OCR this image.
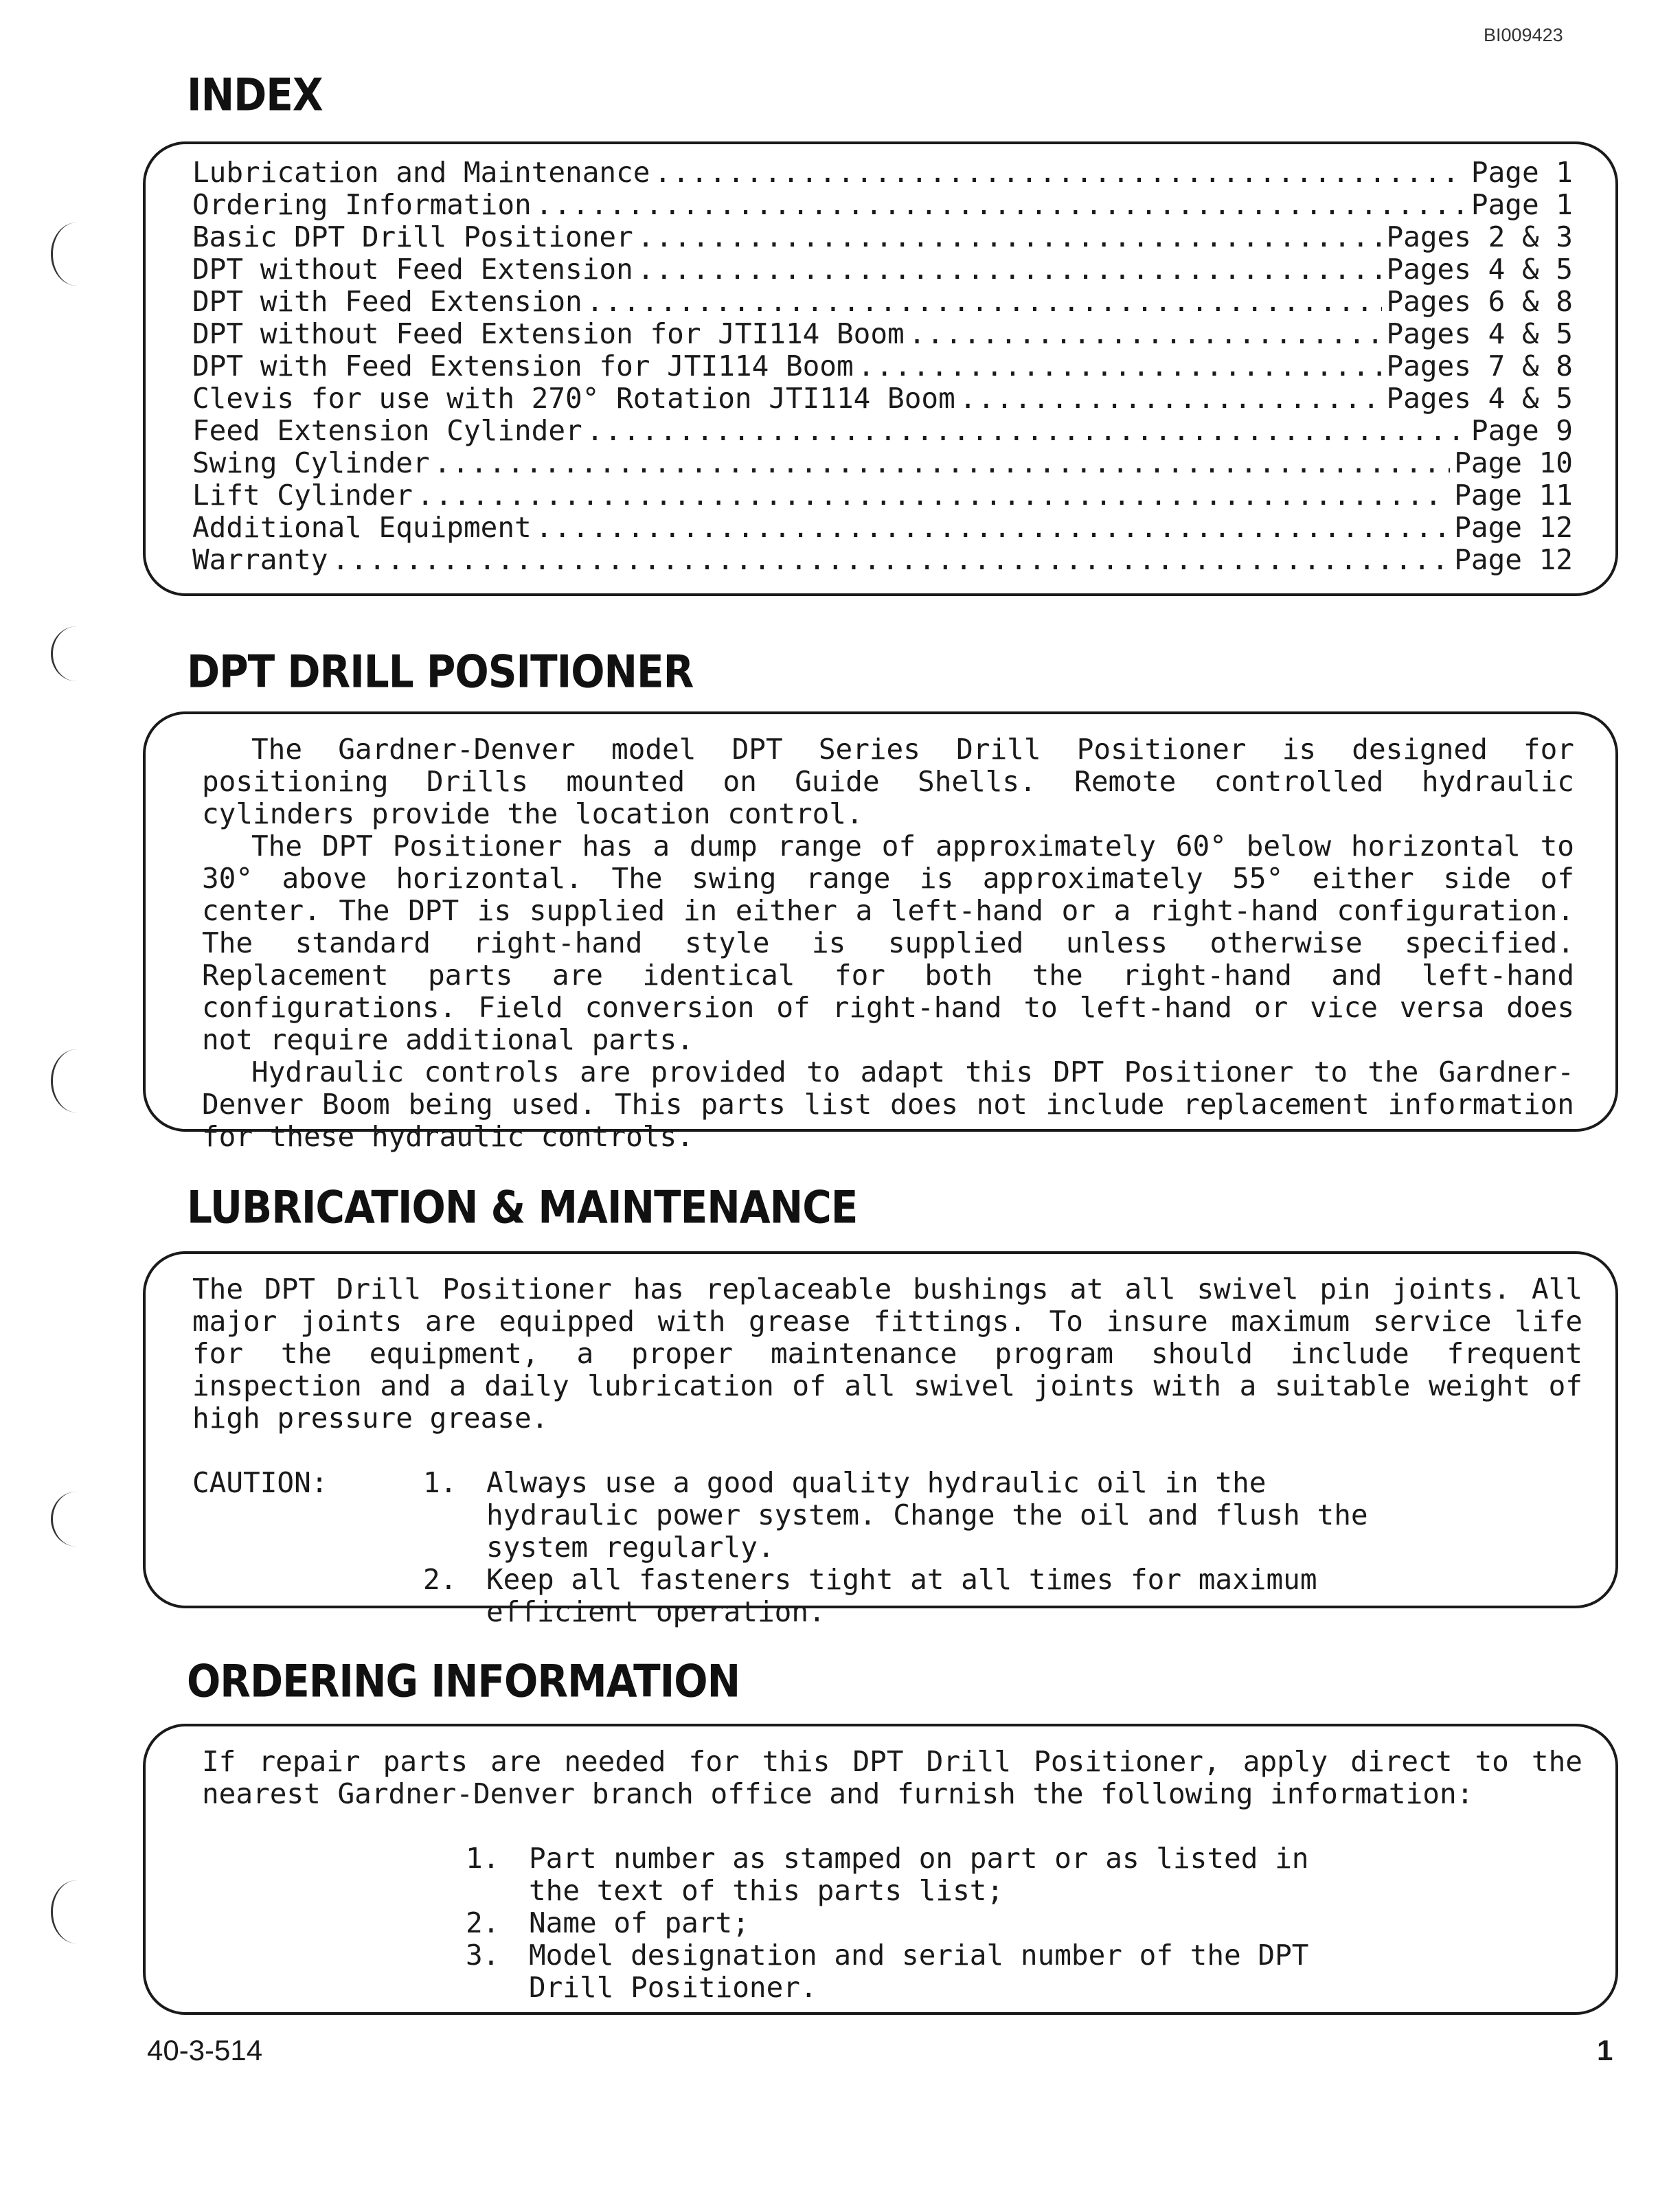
BI009423
INDEX
Lubrication and Maintenance .....	Page 1
Ordering Information .....	Page 1
Basic DPT Drill Positioner .....	Pages 2 & 3
DPT without Feed Extension .....	Pages 4 & 5
DPT with Feed Extension .....	Pages 6 & 8
DPT without Feed Extension for JTI114 Boom .....	Pages 4 & 5
DPT with Feed Extension for JTI114 Boom .....	Pages 7 & 8
Clevis for use with 270° Rotation JTI114 Boom .....	Pages 4 & 5
Feed Extension Cylinder .....	Page 9
Swing Cylinder .....	Page 10
Lift Cylinder .....	Page 11
Additional Equipment .....	Page 12
Warranty .....	Page 12
DPT DRILL POSITIONER

The Gardner-Denver model DPT Series Drill Positioner is designed for positioning Drills mounted on Guide Shells. Remote controlled hydraulic cylinders provide the location control.

The DPT Positioner has a dump range of approximately 60° below horizontal to 30° above horizontal. The swing range is approximately 55° either side of center. The DPT is supplied in either a left-hand or a right-hand configuration. The standard right-hand style is supplied unless otherwise specified. Replacement parts are identical for both the right-hand and left-hand configurations. Field conversion of right-hand to left-hand or vice versa does not require additional parts.

Hydraulic controls are provided to adapt this DPT Positioner to the Gardner-Denver Boom being used. This parts list does not include replacement information for these hydraulic controls.

LUBRICATION & MAINTENANCE

The DPT Drill Positioner has replaceable bushings at all swivel pin joints. All major joints are equipped with grease fittings. To insure maximum service life for the equipment, a proper maintenance program should include frequent inspection and a daily lubrication of all swivel joints with a suitable weight of high pressure grease.

CAUTION:	1.	Always use a good quality hydraulic oil in the hydraulic power system. Change the oil and flush the system regularly.
2.	Keep all fasteners tight at all times for maximum efficient operation.
ORDERING INFORMATION

If repair parts are needed for this DPT Drill Positioner, apply direct to the nearest Gardner-Denver branch office and furnish the following information:

1.	Part number as stamped on part or as listed in the text of this parts list;
2.	Name of part;
3.	Model designation and serial number of the DPT Drill Positioner.
40-3-514	1
